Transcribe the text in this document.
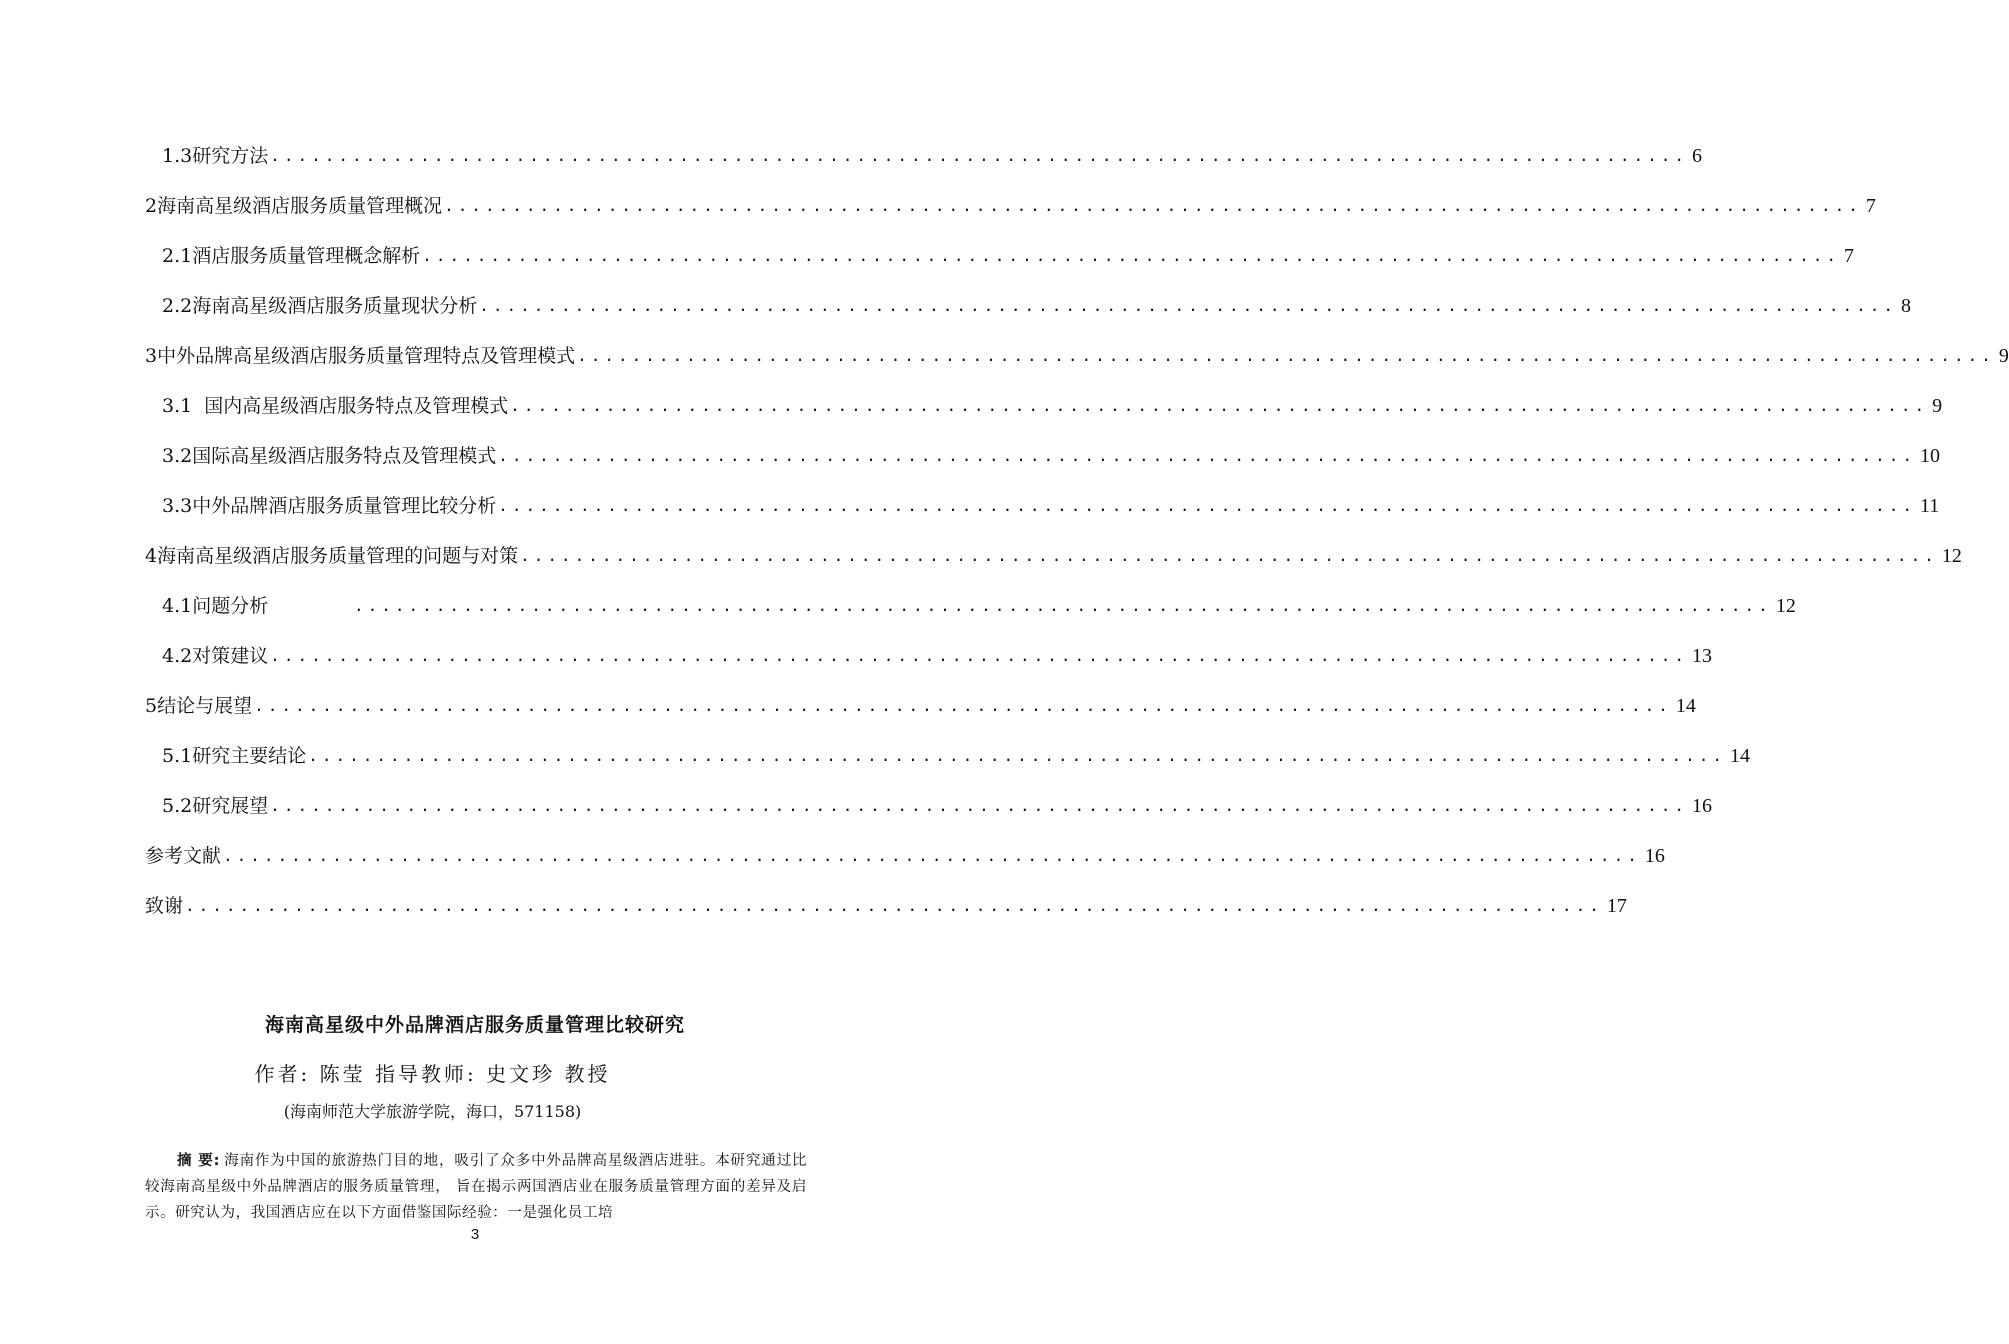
1.3研究方法 ........................................................................................................ 6
2海南高星级酒店服务质量管理概况 ........................................................................................................ 7
2.1酒店服务质量管理概念解析 ........................................................................................................ 7
2.2海南高星级酒店服务质量现状分析 ........................................................................................................ 8
3中外品牌高星级酒店服务质量管理特点及管理模式 ........................................................................................................ 9
3.1  国内高星级酒店服务特点及管理模式 ........................................................................................................ 9
3.2国际高星级酒店服务特点及管理模式 ........................................................................................................ 10
3.3中外品牌酒店服务质量管理比较分析 ........................................................................................................ 11
4海南高星级酒店服务质量管理的问题与对策 ........................................................................................................ 12
4.1问题分析	........................................................................................................ 12
4.2对策建议 ........................................................................................................ 13
5结论与展望 ........................................................................................................ 14
5.1研究主要结论 ........................................................................................................ 14
5.2研究展望 ........................................................................................................ 16
参考文献 ........................................................................................................ 16
致谢 ........................................................................................................ 17
海南高星级中外品牌酒店服务质量管理比较研究
作者: 陈莹 指导教师: 史文珍 教授
(海南师范大学旅游学院，海口，571158)
摘 要: 海南作为中国的旅游热门目的地，吸引了众多中外品牌高星级酒店进驻。本研究通过比较海南高星级中外品牌酒店的服务质量管理， 旨在揭示两国酒店业在服务质量管理方面的差异及启示。研究认为，我国酒店应在以下方面借鉴国际经验：一是强化员工培
3
